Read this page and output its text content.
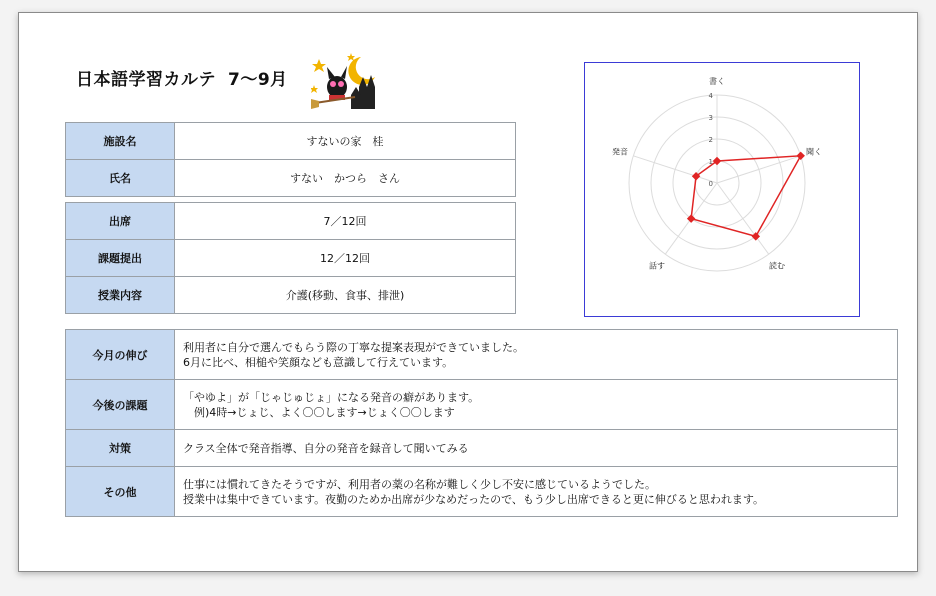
日本語学習カルテ 7〜9月
施設名	すないの家　桂
氏名	すない　かつら　さん
出席	7／12回
課題提出	12／12回
授業内容	介護(移動、食事、排泄)
今月の伸び	利用者に自分で選んでもらう際の丁寧な提案表現ができていました。
6月に比べ、相槌や笑顔なども意識して行えています。

今後の課題	「やゆよ」が「じゃじゅじょ」になる発音の癖があります。
　例)4時→じょじ、よく〇〇します→じょく〇〇します

対策	クラス全体で発音指導、自分の発音を録音して聞いてみる

その他	仕事には慣れてきたそうですが、利用者の薬の名称が難しく少し不安に感じているようでした。
授業中は集中できています。夜勤のためか出席が少なめだったので、もう少し出席できると更に伸びると思われます。
0
1
2
3
4
書く
聞く
読む
話す
発音
